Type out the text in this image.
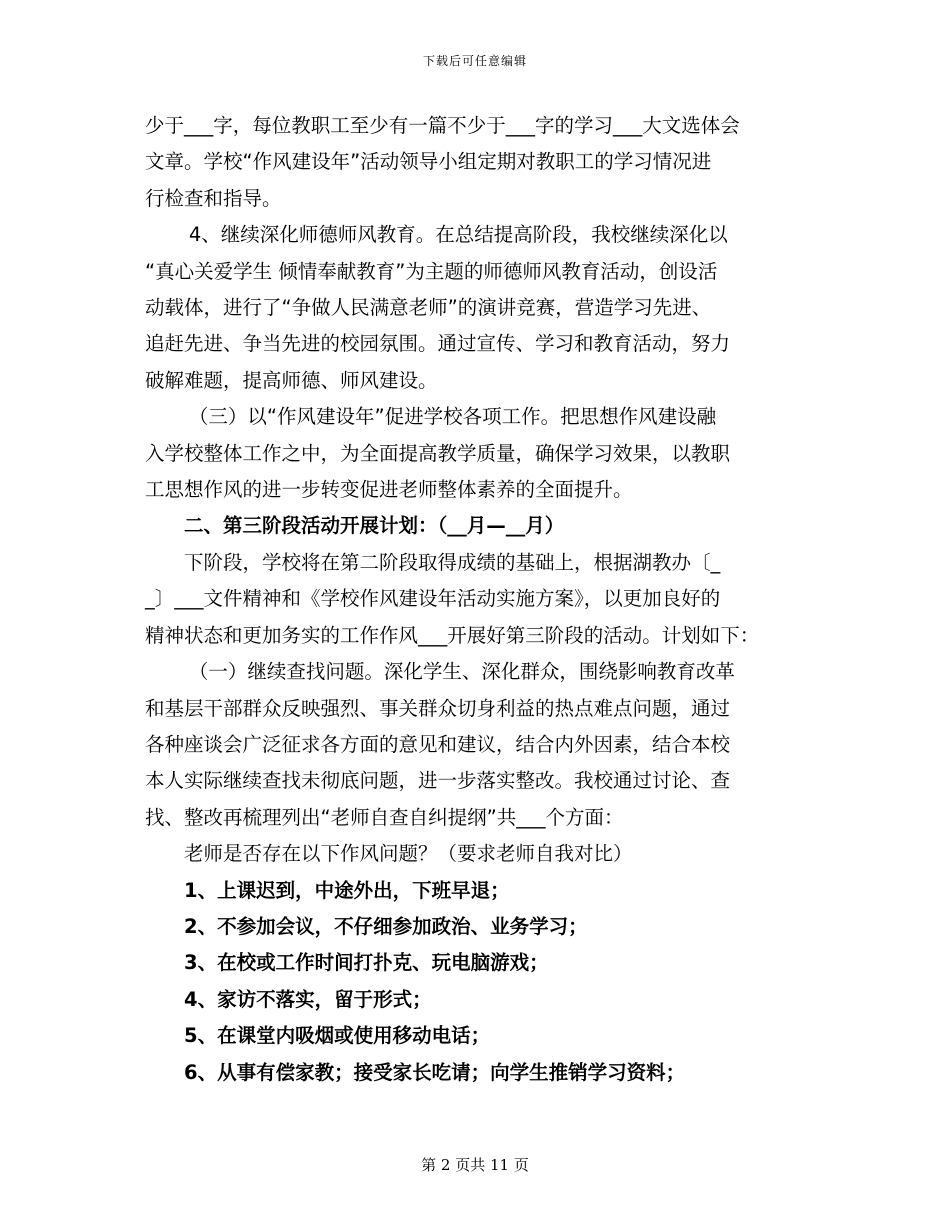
下载后可任意编辑

少于___字，每位教职工至少有一篇不少于___字的学习___大文选体会

文章。学校“作风建设年”活动领导小组定期对教职工的学习情况进

行检查和指导。

4、继续深化师德师风教育。在总结提高阶段，我校继续深化以

“真心关爱学生 倾情奉献教育”为主题的师德师风教育活动，创设活

动载体，进行了“争做人民满意老师”的演讲竞赛，营造学习先进、

追赶先进、争当先进的校园氛围。通过宣传、学习和教育活动，努力

破解难题，提高师德、师风建设。

（三）以“作风建设年”促进学校各项工作。把思想作风建设融

入学校整体工作之中，为全面提高教学质量，确保学习效果，以教职

工思想作风的进一步转变促进老师整体素养的全面提升。

二、第三阶段活动开展计划：（__月—__月）

下阶段，学校将在第二阶段取得成绩的基础上，根据湖教办〔_

_〕___文件精神和《学校作风建设年活动实施方案》，以更加良好的

精神状态和更加务实的工作作风___开展好第三阶段的活动。计划如下：

（一）继续查找问题。深化学生、深化群众，围绕影响教育改革

和基层干部群众反映强烈、事关群众切身利益的热点难点问题，通过

各种座谈会广泛征求各方面的意见和建议，结合内外因素，结合本校

本人实际继续查找未彻底问题，进一步落实整改。我校通过讨论、查

找、整改再梳理列出“老师自查自纠提纲”共___个方面：

老师是否存在以下作风问题？（要求老师自我对比）

1、上课迟到，中途外出，下班早退；

2、不参加会议，不仔细参加政治、业务学习；

3、在校或工作时间打扑克、玩电脑游戏；

4、家访不落实，留于形式；

5、在课堂内吸烟或使用移动电话；

6、从事有偿家教；接受家长吃请；向学生推销学习资料；

第 2 页共 11 页
